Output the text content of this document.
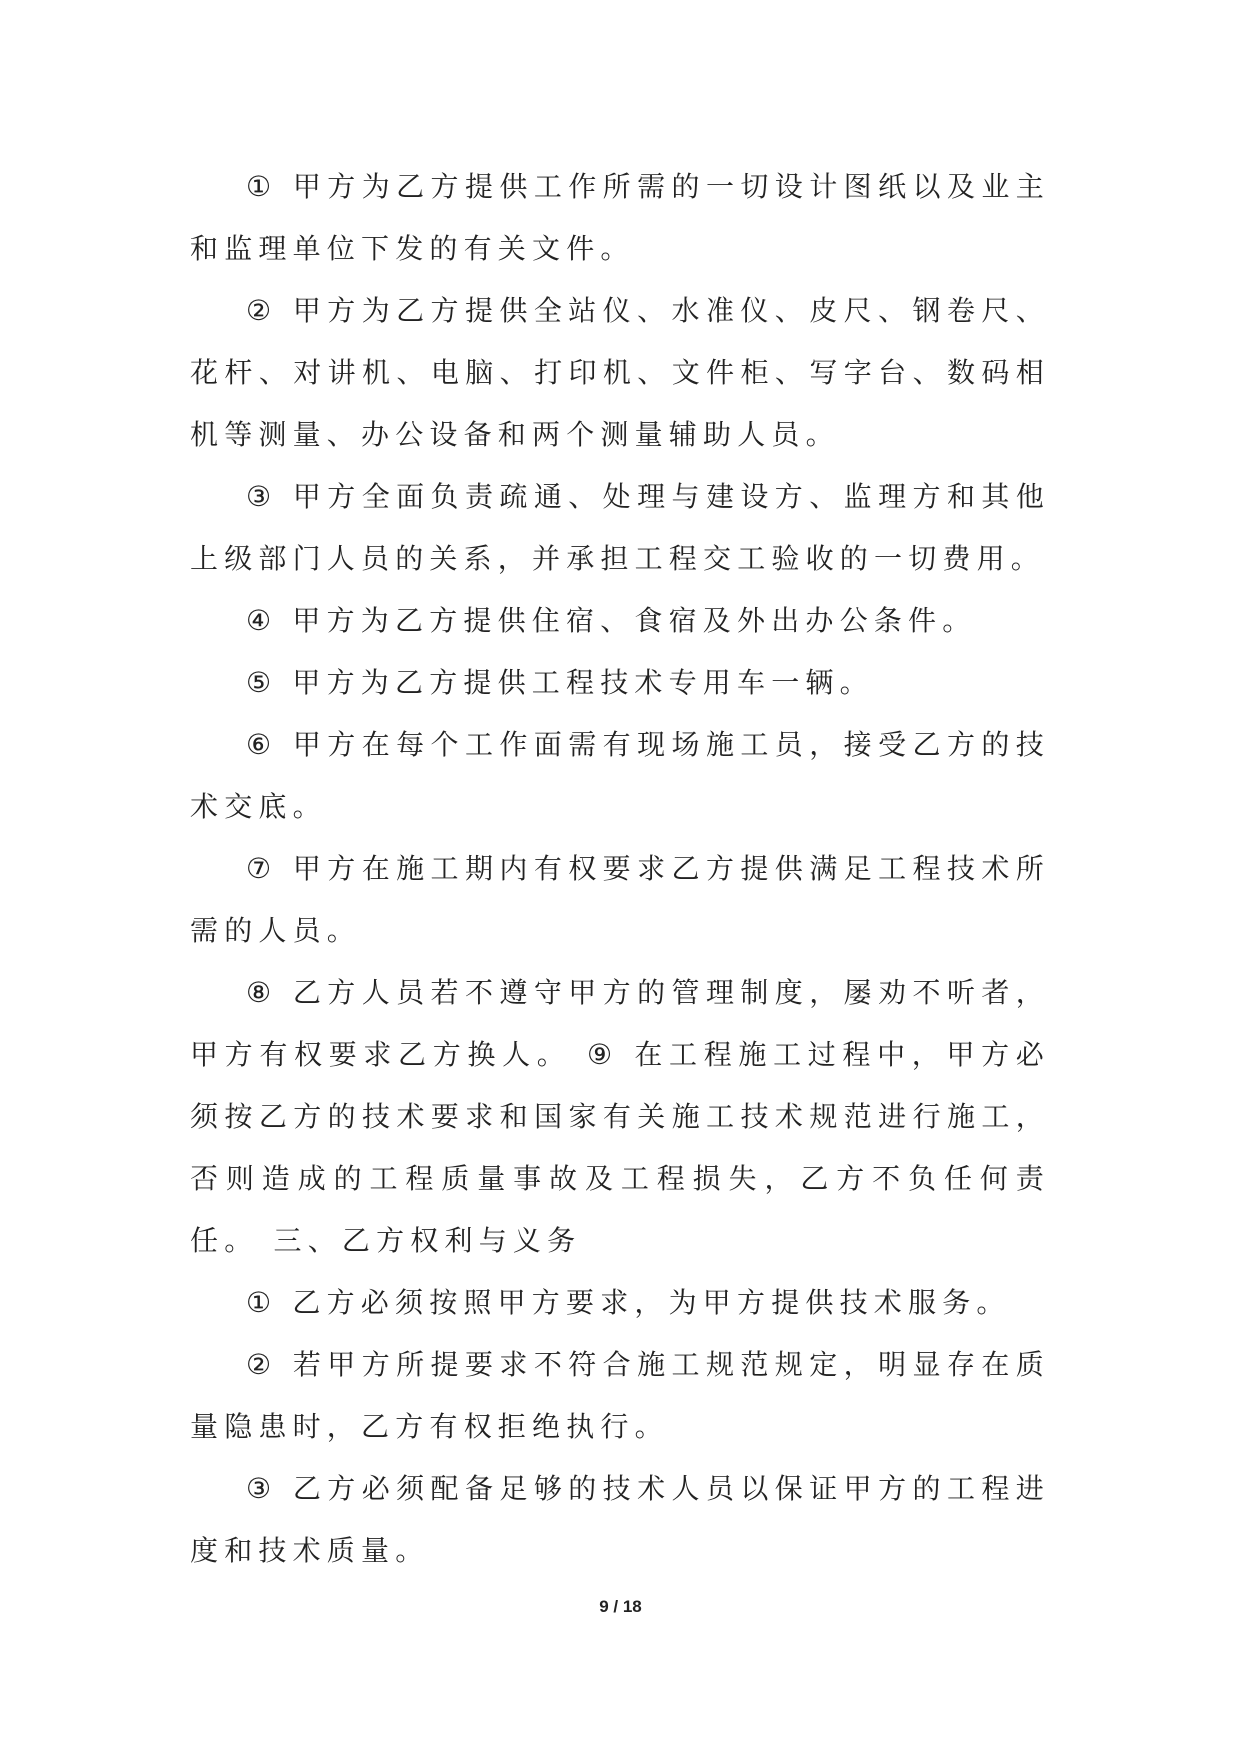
① 甲方为乙方提供工作所需的一切设计图纸以及业主和监理单位下发的有关文件。

② 甲方为乙方提供全站仪、水准仪、皮尺、钢卷尺、花杆、对讲机、电脑、打印机、文件柜、写字台、数码相机等测量、办公设备和两个测量辅助人员。

③ 甲方全面负责疏通、处理与建设方、监理方和其他上级部门人员的关系，并承担工程交工验收的一切费用。

④ 甲方为乙方提供住宿、食宿及外出办公条件。

⑤ 甲方为乙方提供工程技术专用车一辆。

⑥ 甲方在每个工作面需有现场施工员，接受乙方的技术交底。

⑦ 甲方在施工期内有权要求乙方提供满足工程技术所需的人员。

⑧ 乙方人员若不遵守甲方的管理制度，屡劝不听者，甲方有权要求乙方换人。 ⑨ 在工程施工过程中，甲方必须按乙方的技术要求和国家有关施工技术规范进行施工，否则造成的工程质量事故及工程损失，乙方不负任何责任。 三、乙方权利与义务

① 乙方必须按照甲方要求，为甲方提供技术服务。

② 若甲方所提要求不符合施工规范规定，明显存在质量隐患时，乙方有权拒绝执行。

③ 乙方必须配备足够的技术人员以保证甲方的工程进度和技术质量。

9 / 18
